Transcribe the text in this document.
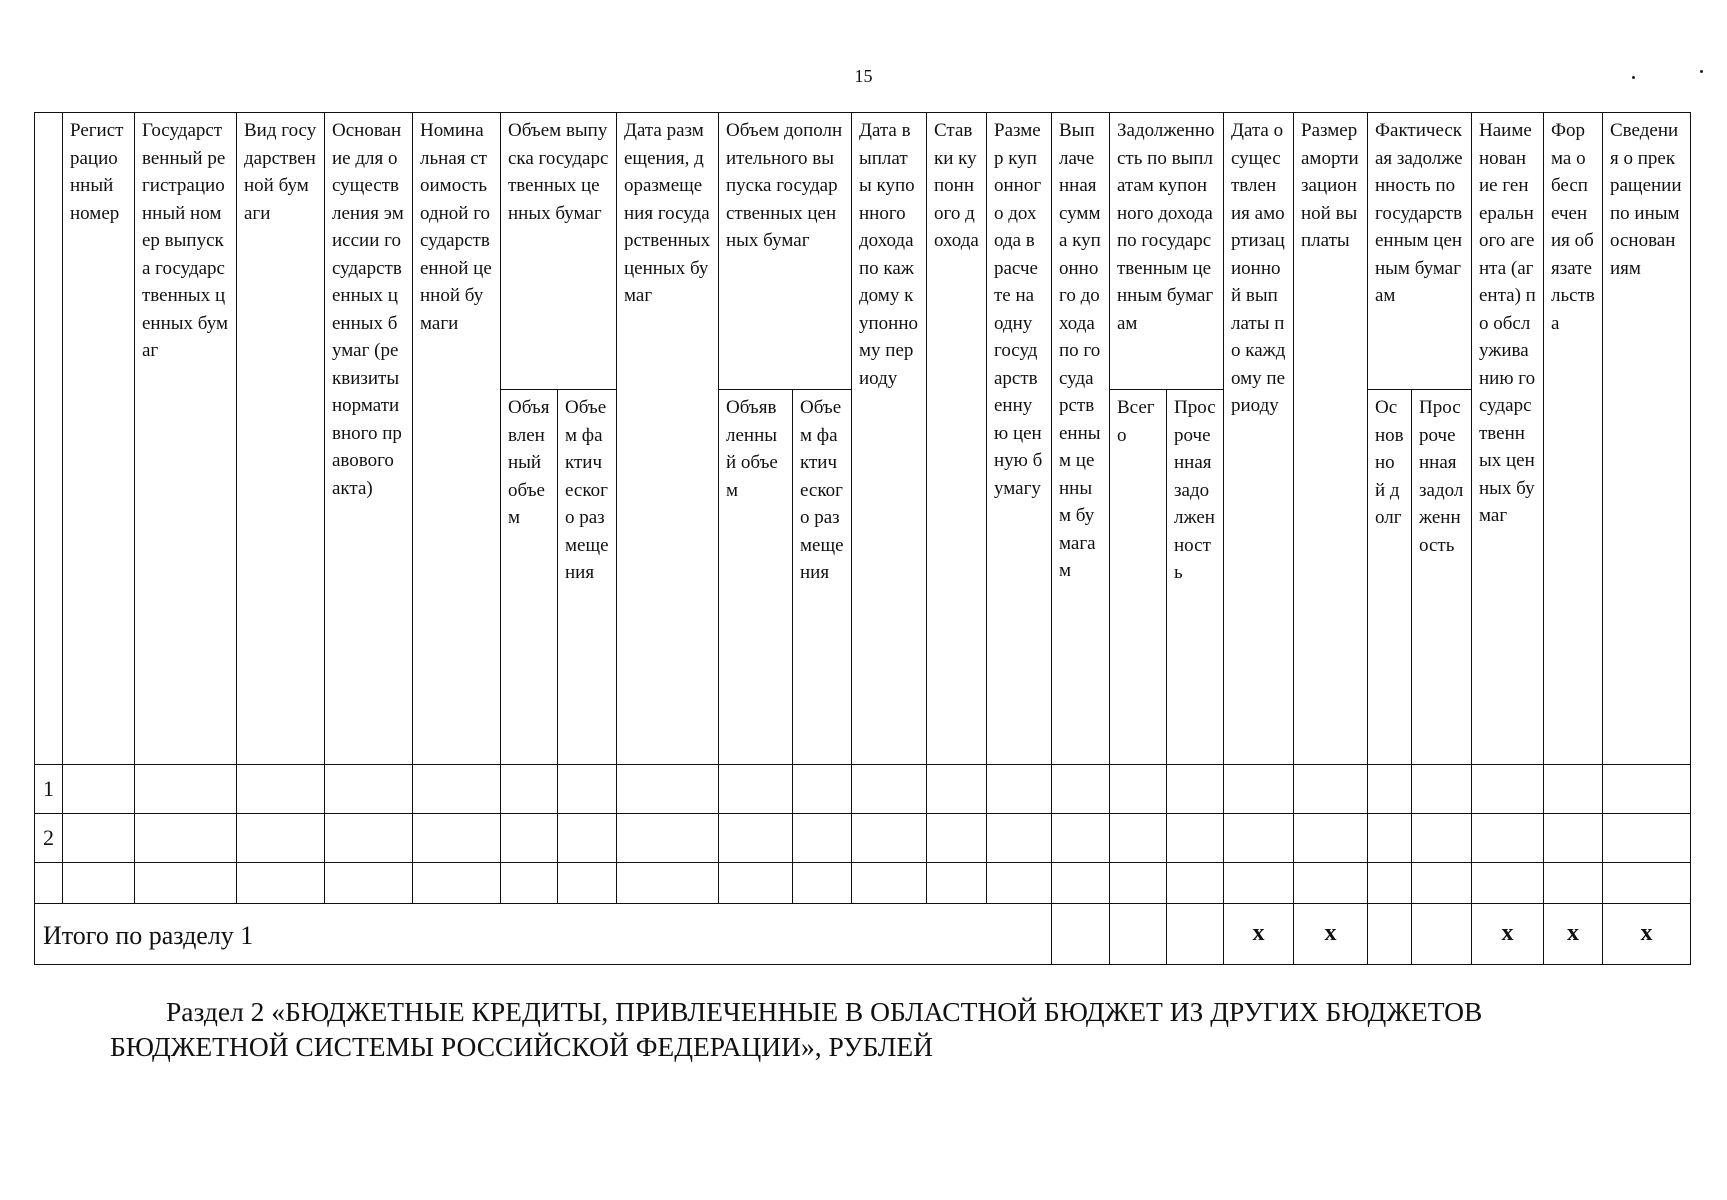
15
	Регистрационный номер	Государственный регистрационный номер выпуска государственных ценных бумаг	Вид государственной бумаги	Основание для осуществления эмиссии государственных ценных бумаг (реквизиты нормативного правового акта)	Номинальная стоимость одной государственной ценной бумаги	Объем выпуска государственных ценных бумаг		Дата размещения, доразмещения государственных ценных бумаг	Объем дополнительного выпуска государственных ценных бумаг		Дата выплаты купонного дохода по каждому купонному периоду	Ставки купонного дохода	Размер купонного дохода в расчете на одну государственную ценную бумагу	Выплаченная сумма купонного дохода по государственным ценным бумагам	Задолженность по выплатам купонного дохода по государственным ценным бумагам		Дата осуществления амортизационной выплаты по каждому периоду	Размер амортизационной выплаты	Фактическая задолженность по государственным ценным бумагам		Наименование генерального агента (агента) по обслуживанию государственных ценных бумаг	Форма обеспечения обязательства	Сведения о прекращении по иным основаниям
						Объявленный объем	Объем фактического размещения		Объявленный объем	Объем фактического размещения					Всего	Просроченная задолженность			Основной долг	Просроченная задолженность			
1																							
2																							

Итого по разделу 1																	x	x			x	x	x
Раздел 2 «БЮДЖЕТНЫЕ КРЕДИТЫ, ПРИВЛЕЧЕННЫЕ В ОБЛАСТНОЙ БЮДЖЕТ ИЗ ДРУГИХ БЮДЖЕТОВ
БЮДЖЕТНОЙ СИСТЕМЫ РОССИЙСКОЙ ФЕДЕРАЦИИ», РУБЛЕЙ
